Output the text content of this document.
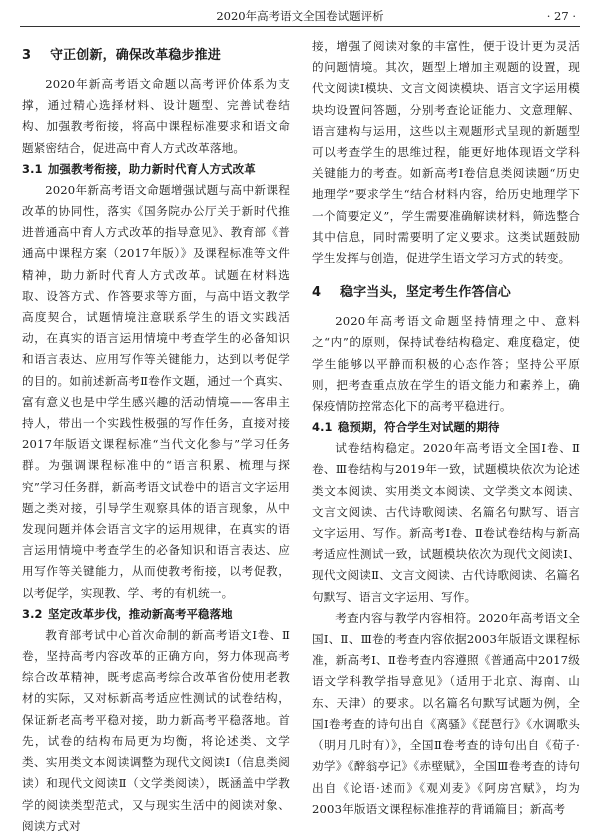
2020年高考语文全国卷试题评析	· 27 ·
3 守正创新，确保改革稳步推进

2020年新高考语文命题以高考评价体系为支撑，通过精心选择材料、设计题型、完善试卷结构、加强教考衔接，将高中课程标准要求和语文命题紧密结合，促进高中育人方式改革落地。

3.1 加强教考衔接，助力新时代育人方式改革

2020年新高考语文命题增强试题与高中新课程改革的协同性，落实《国务院办公厅关于新时代推进普通高中育人方式改革的指导意见》、教育部《普通高中课程方案（2017年版）》及课程标准等文件精神，助力新时代育人方式改革。试题在材料选取、设答方式、作答要求等方面，与高中语文教学高度契合，试题情境注意联系学生的语文实践活动，在真实的语言运用情境中考查学生的必备知识和语言表达、应用写作等关键能力，达到以考促学的目的。如前述新高考Ⅱ卷作文题，通过一个真实、富有意义也是中学生感兴趣的活动情境——客串主持人，带出一个实践性极强的写作任务，直接对接2017年版语文课程标准“当代文化参与”学习任务群。为强调课程标准中的“语言积累、梳理与探究”学习任务群，新高考语文试卷中的语言文字运用题之类对接，引导学生观察具体的语言现象，从中发现问题并体会语言文字的运用规律，在真实的语言运用情境中考查学生的必备知识和语言表达、应用写作等关键能力，从而使教考衔接，以考促教，以考促学，实现教、学、考的有机统一。

3.2 坚定改革步伐，推动新高考平稳落地

教育部考试中心首次命制的新高考语文Ⅰ卷、Ⅱ卷，坚持高考内容改革的正确方向，努力体现高考综合改革精神，既考虑高考综合改革省份使用老教材的实际，又对标新高考适应性测试的试卷结构，保证新老高考平稳对接，助力新高考平稳落地。首先，试卷的结构布局更为均衡，将论述类、文学类、实用类文本阅读调整为现代文阅读Ⅰ（信息类阅读）和现代文阅读Ⅱ（文学类阅读），既涵盖中学教学的阅读类型范式，又与现实生活中的阅读对象、阅读方式对

接，增强了阅读对象的丰富性，便于设计更为灵活的问题情境。其次，题型上增加主观题的设置，现代文阅读Ⅰ模块、文言文阅读模块、语言文字运用模块均设置问答题，分别考查论证能力、文意理解、语言建构与运用，这些以主观题形式呈现的新题型可以考查学生的思维过程，能更好地体现语文学科关键能力的考查。如新高考Ⅰ卷信息类阅读题“历史地理学”要求学生“结合材料内容，给历史地理学下一个简要定义”，学生需要准确解读材料，筛选整合其中信息，同时需要明了定义要求。这类试题鼓励学生发挥与创造，促进学生语文学习方式的转变。

4 稳字当头，坚定考生作答信心

2020年高考语文命题坚持情理之中、意料之“内”的原则，保持试卷结构稳定、难度稳定，使学生能够以平静而积极的心态作答；坚持公平原则，把考查重点放在学生的语文能力和素养上，确保疫情防控常态化下的高考平稳进行。

4.1 稳预期，符合学生对试题的期待

试卷结构稳定。2020年高考语文全国Ⅰ卷、Ⅱ卷、Ⅲ卷结构与2019年一致，试题模块依次为论述类文本阅读、实用类文本阅读、文学类文本阅读、文言文阅读、古代诗歌阅读、名篇名句默写、语言文字运用、写作。新高考Ⅰ卷、Ⅱ卷试卷结构与新高考适应性测试一致，试题模块依次为现代文阅读Ⅰ、现代文阅读Ⅱ、文言文阅读、古代诗歌阅读、名篇名句默写、语言文字运用、写作。

考查内容与教学内容相符。2020年高考语文全国Ⅰ、Ⅱ、Ⅲ卷的考查内容依据2003年版语文课程标准，新高考Ⅰ、Ⅱ卷考查内容遵照《普通高中2017级语文学科教学指导意见》（适用于北京、海南、山东、天津）的要求。以名篇名句默写试题为例，全国Ⅰ卷考查的诗句出自《离骚》《琵琶行》《水调歌头（明月几时有）》，全国Ⅱ卷考查的诗句出自《荀子·劝学》《醉翁亭记》《赤壁赋》，全国Ⅲ卷考查的诗句出自《论语·述而》《观刈麦》《阿房宫赋》，均为2003年版语文课程标准推荐的背诵篇目；新高考
